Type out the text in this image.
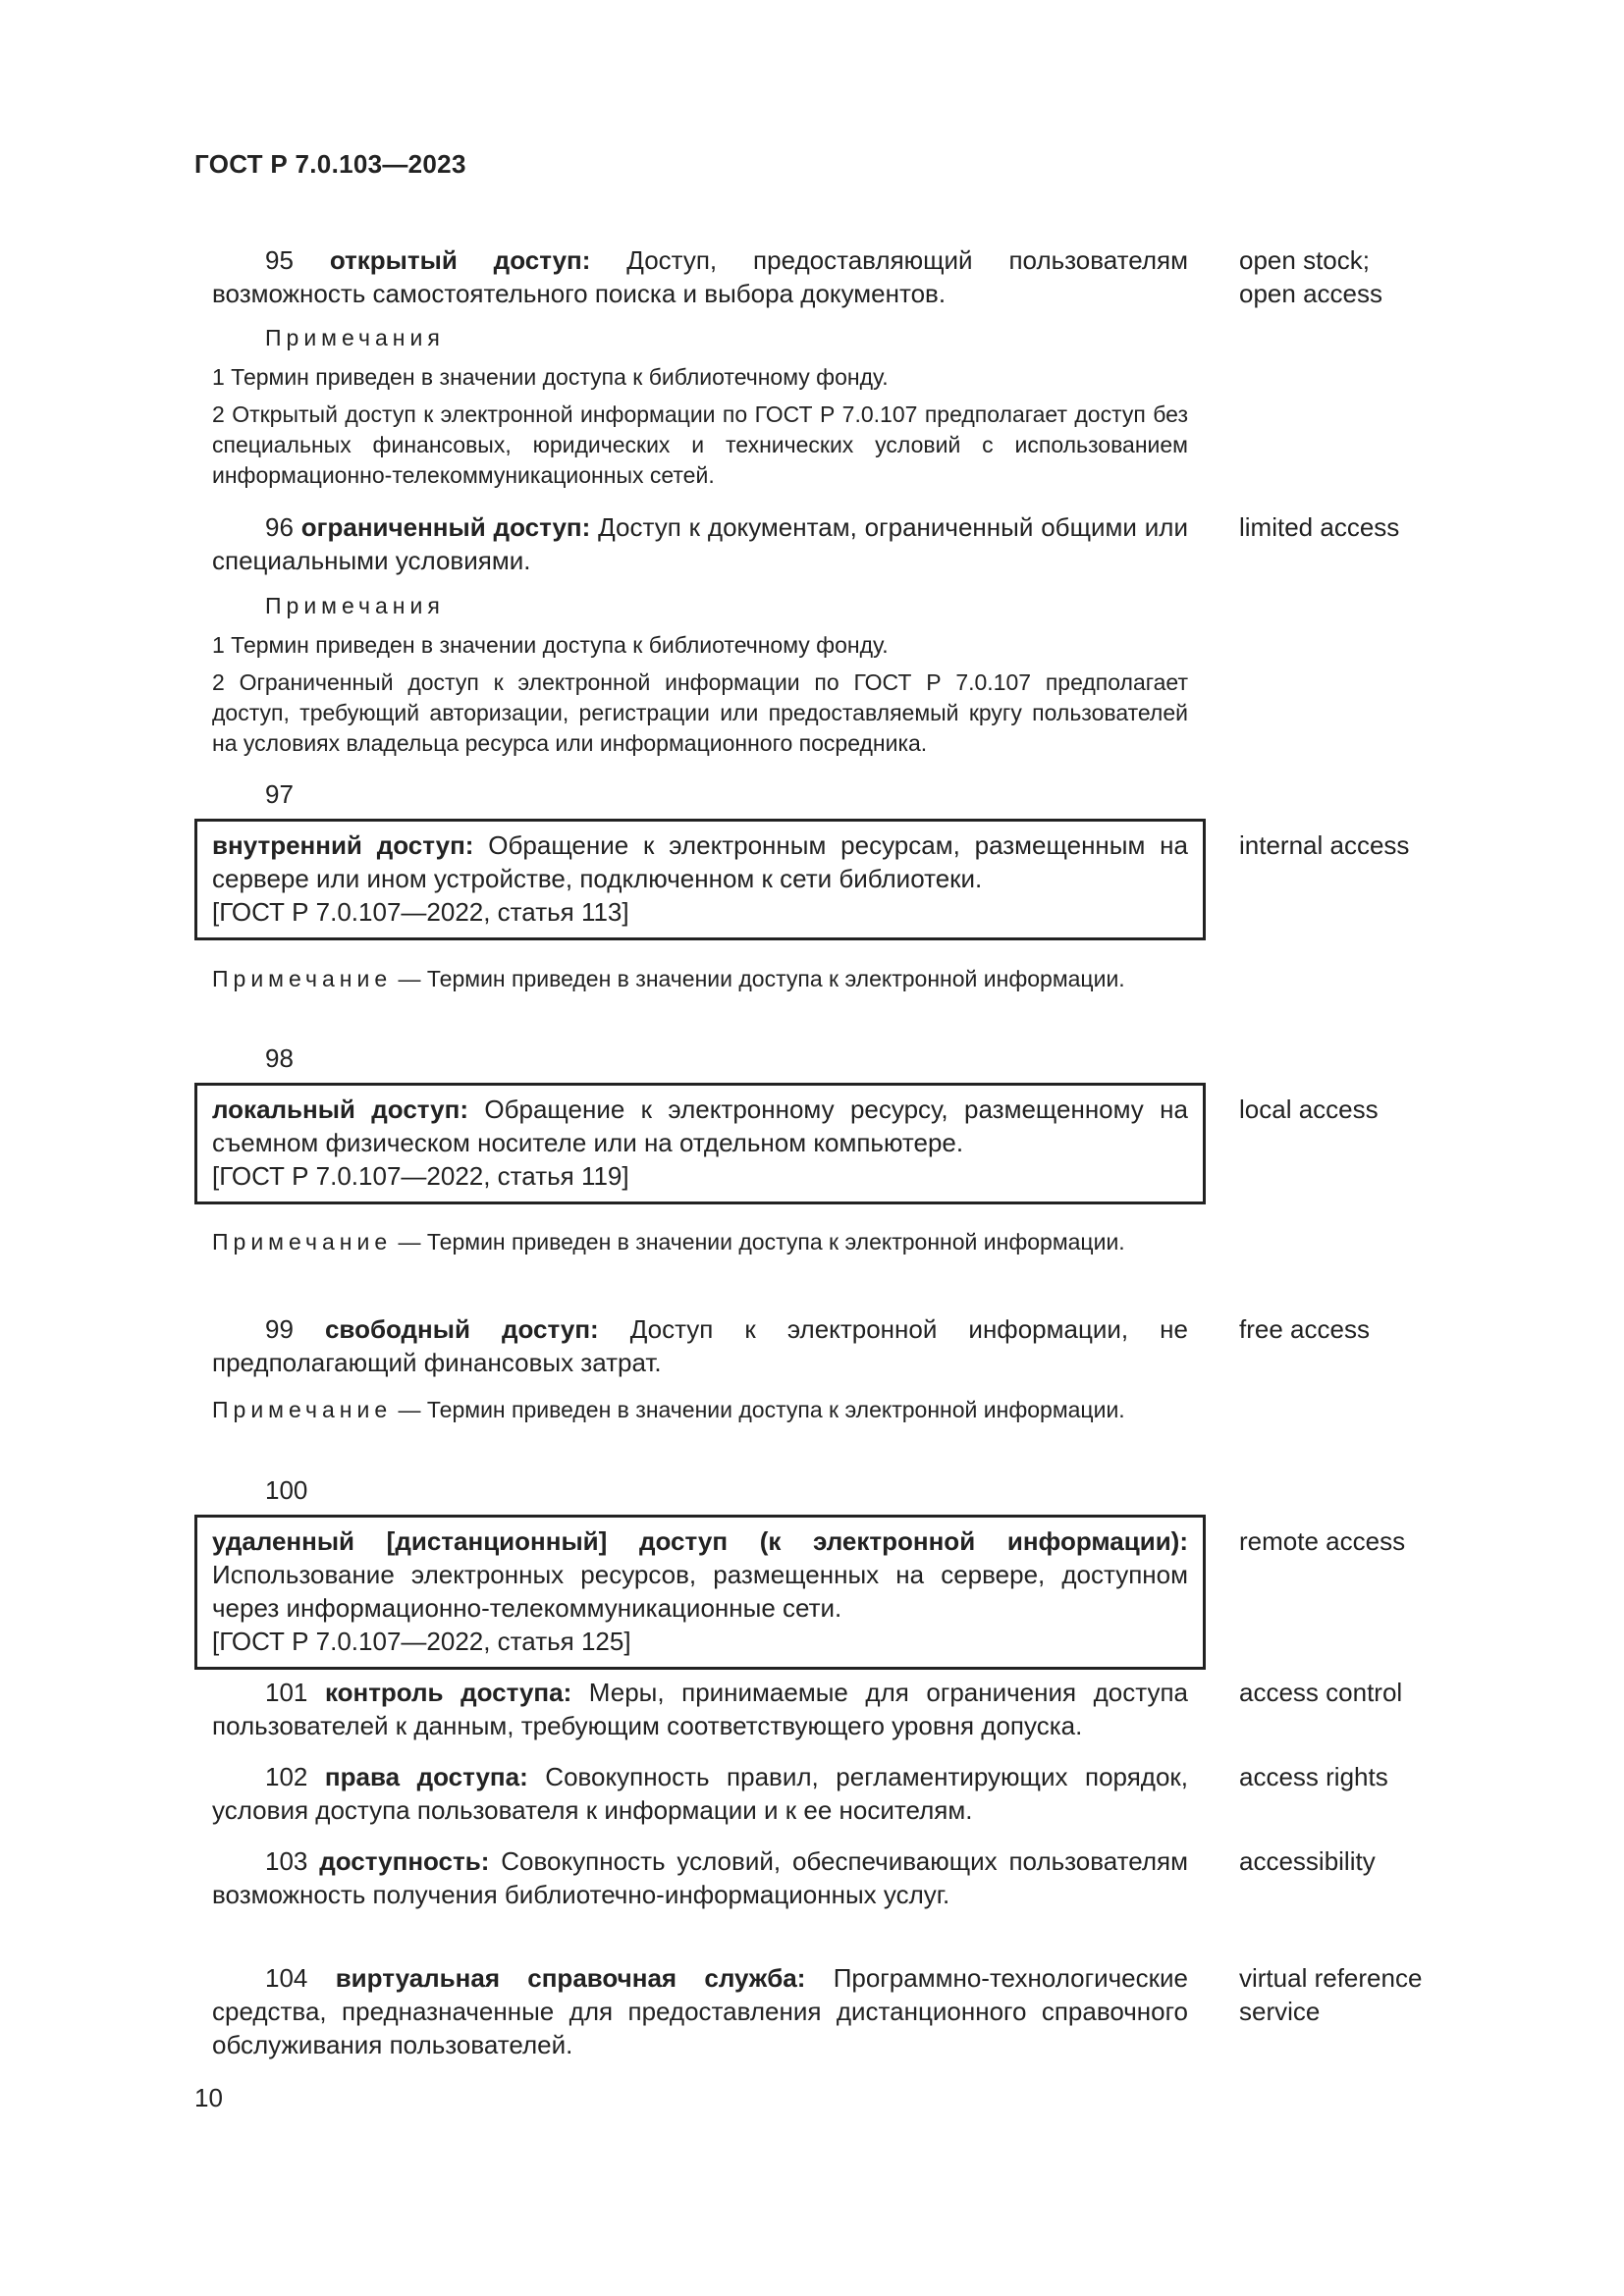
ГОСТ Р 7.0.103—2023
95 открытый доступ: Доступ, предоставляющий пользователям возможность самостоятельного поиска и выбора документов.
open stock;
open access
Примечания
1 Термин приведен в значении доступа к библиотечному фонду.
2 Открытый доступ к электронной информации по ГОСТ Р 7.0.107 предполагает доступ без специальных финансовых, юридических и технических условий с использованием информационно-телекоммуникационных сетей.
96 ограниченный доступ: Доступ к документам, ограниченный общими или специальными условиями.
limited access
Примечания
1 Термин приведен в значении доступа к библиотечному фонду.
2 Ограниченный доступ к электронной информации по ГОСТ Р 7.0.107 предполагает доступ, требующий авторизации, регистрации или предоставляемый кругу пользователей на условиях владельца ресурса или информационного посредника.
97
внутренний доступ: Обращение к электронным ресурсам, размещенным на сервере или ином устройстве, подключенном к сети библиотеки.
[ГОСТ Р 7.0.107—2022, статья 113]
internal access
Примечание — Термин приведен в значении доступа к электронной информации.
98
локальный доступ: Обращение к электронному ресурсу, размещенному на съемном физическом носителе или на отдельном компьютере.
[ГОСТ Р 7.0.107—2022, статья 119]
local access
Примечание — Термин приведен в значении доступа к электронной информации.
99 свободный доступ: Доступ к электронной информации, не предполагающий финансовых затрат.
free access
Примечание — Термин приведен в значении доступа к электронной информации.
100
удаленный [дистанционный] доступ (к электронной информации): Использование электронных ресурсов, размещенных на сервере, доступном через информационно-телекоммуникационные сети.
[ГОСТ Р 7.0.107—2022, статья 125]
remote access
101 контроль доступа: Меры, принимаемые для ограничения доступа пользователей к данным, требующим соответствующего уровня допуска.
access control
102 права доступа: Совокупность правил, регламентирующих порядок, условия доступа пользователя к информации и к ее носителям.
access rights
103 доступность: Совокупность условий, обеспечивающих пользователям возможность получения библиотечно-информационных услуг.
accessibility
104 виртуальная справочная служба: Программно-технологические средства, предназначенные для предоставления дистанционного справочного обслуживания пользователей.
virtual reference
service
10
